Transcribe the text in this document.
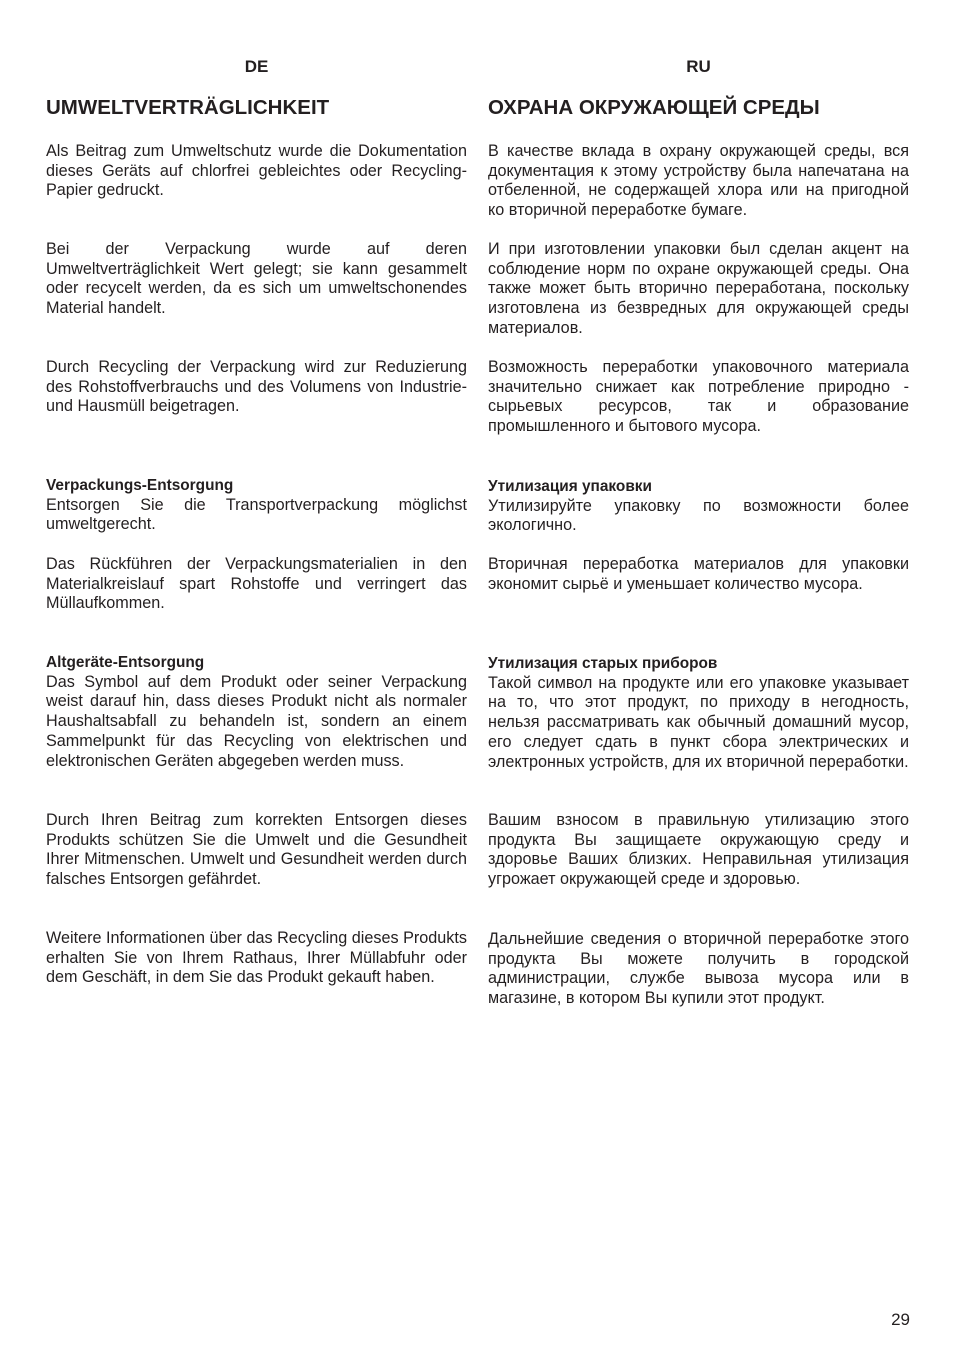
DE
UMWELTVERTRÄGLICHKEIT

Als Beitrag zum Umweltschutz wurde die Dokumentation dieses Geräts auf chlorfrei gebleichtes oder Recycling-Papier gedruckt.

Bei der Verpackung wurde auf deren Umweltverträglichkeit Wert gelegt; sie kann gesammelt oder recycelt werden, da es sich um umweltschonendes Material handelt.

Durch Recycling der Verpackung wird zur Reduzierung des Rohstoffverbrauchs und des Volumens von Industrie- und Hausmüll beigetragen.

Verpackungs-Entsorgung
Entsorgen Sie die Transportverpackung möglichst umweltgerecht.

Das Rückführen der Verpackungsmaterialien in den Materialkreislauf spart Rohstoffe und verringert das Müllaufkommen.

Altgeräte-Entsorgung
Das Symbol auf dem Produkt oder seiner Verpackung weist darauf hin, dass dieses Produkt nicht als normaler Haushaltsabfall zu behandeln ist, sondern an einem Sammelpunkt für das Recycling von elektrischen und elektronischen Geräten abgegeben werden muss.

Durch Ihren Beitrag zum korrekten Entsorgen dieses Produkts schützen Sie die Umwelt und die Gesundheit Ihrer Mitmenschen. Umwelt und Gesundheit werden durch falsches Entsorgen gefährdet.

Weitere Informationen über das Recycling dieses Produkts erhalten Sie von Ihrem Rathaus, Ihrer Müllabfuhr oder dem Geschäft, in dem Sie das Produkt gekauft haben.

RU
ОХРАНА ОКРУЖАЮЩЕЙ СРЕДЫ

В качестве вклада в охрану окружающей среды, вся документация к этому устройству была напечатана на отбеленной, не содержащей хлора или на пригодной ко вторичной переработке бумаге.

И при изготовлении упаковки был сделан акцент на соблюдение норм по охране окружающей среды. Она также может быть вторично переработана, поскольку изготовлена из безвредных для окружающей среды материалов.

Возможность переработки упаковочного материала значительно снижает как потребление природно - сырьевых ресурсов, так и образование промышленного и бытового мусора.

Утилизация упаковки
Утилизируйте упаковку по возможности более экологично.

Вторичная переработка материалов для упаковки экономит сырьё и уменьшает количество мусора.

Утилизация старых приборов
Такой символ на продукте или его упаковке указывает на то, что этот продукт, по приходу в негодность, нельзя рассматривать как обычный домашний мусор, его следует сдать в пункт сбора электрических и электронных устройств, для их вторичной переработки.

Вашим взносом в правильную утилизацию этого продукта Вы защищаете окружающую среду и здоровье Ваших близких. Неправильная утилизация угрожает окружающей среде и здоровью.

Дальнейшие сведения о вторичной переработке этого продукта Вы можете получить в городской администрации, службе вывоза мусора или в магазине, в котором Вы купили этот продукт.

29
